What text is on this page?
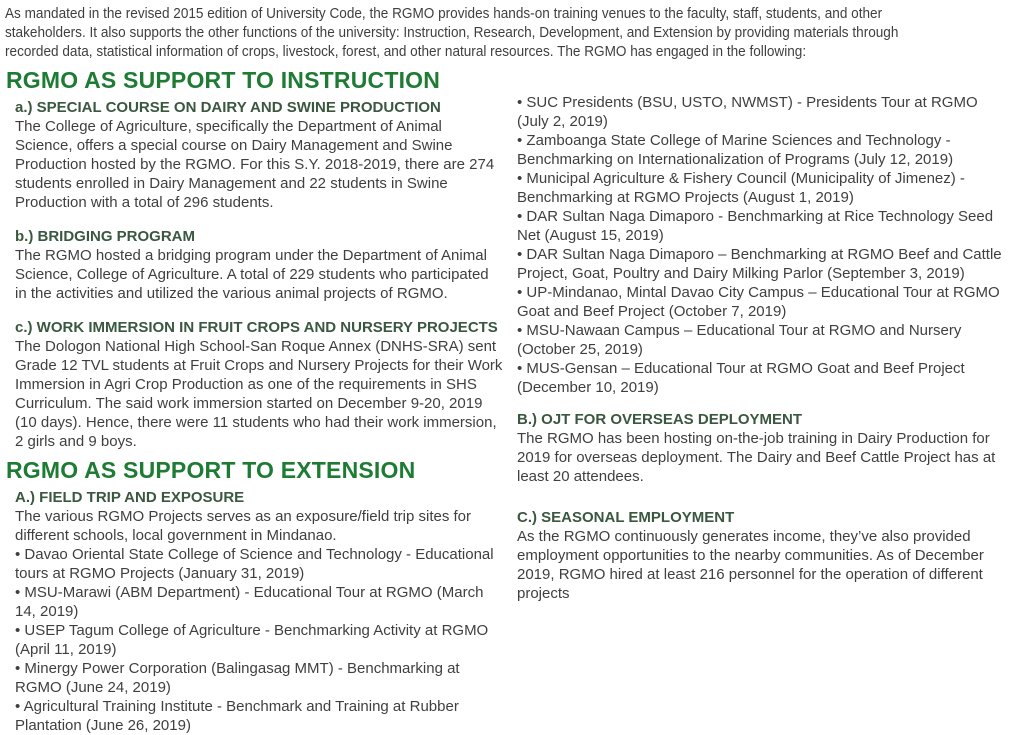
As mandated in the revised 2015 edition of University Code, the RGMO provides hands-on training venues to the faculty, staff, students, and other stakeholders. It also supports the other functions of the university: Instruction, Research, Development, and Extension by providing materials through recorded data, statistical information of crops, livestock, forest, and other natural resources. The RGMO has engaged in the following:

RGMO AS SUPPORT TO INSTRUCTION
a.) SPECIAL COURSE ON DAIRY AND SWINE PRODUCTION

The College of Agriculture, specifically the Department of Animal Science, offers a special course on Dairy Management and Swine Production hosted by the RGMO. For this S.Y. 2018-2019, there are 274 students enrolled in Dairy Management and 22 students in Swine Production with a total of 296 students.

b.) BRIDGING PROGRAM

The RGMO hosted a bridging program under the Department of Animal Science, College of Agriculture. A total of 229 students who participated in the activities and utilized the various animal projects of RGMO.

c.) WORK IMMERSION IN FRUIT CROPS AND NURSERY PROJECTS

The Dologon National High School-San Roque Annex (DNHS-SRA) sent Grade 12 TVL students at Fruit Crops and Nursery Projects for their Work Immersion in Agri Crop Production as one of the requirements in SHS Curriculum. The said work immersion started on December 9-20, 2019 (10 days). Hence, there were 11 students who had their work immersion, 2 girls and 9 boys.

RGMO AS SUPPORT TO EXTENSION
A.) FIELD TRIP AND EXPOSURE

The various RGMO Projects serves as an exposure/field trip sites for different schools, local government in Mindanao.

• Davao Oriental State College of Science and Technology - Educational tours at RGMO Projects (January 31, 2019)

• MSU-Marawi (ABM Department) - Educational Tour at RGMO (March 14, 2019)

• USEP Tagum College of Agriculture - Benchmarking Activity at RGMO (April 11, 2019)

• Minergy Power Corporation (Balingasag MMT) - Benchmarking at RGMO (June 24, 2019)

• Agricultural Training Institute - Benchmark and Training at Rubber Plantation (June 26, 2019)

• SUC Presidents (BSU, USTO, NWMST) - Presidents Tour at RGMO (July 2, 2019)

• Zamboanga State College of Marine Sciences and Technology - Benchmarking on Internationalization of Programs (July 12, 2019)

• Municipal Agriculture & Fishery Council (Municipality of Jimenez) - Benchmarking at RGMO Projects (August 1, 2019)

• DAR Sultan Naga Dimaporo - Benchmarking at Rice Technology Seed Net (August 15, 2019)

• DAR Sultan Naga Dimaporo – Benchmarking at RGMO Beef and Cattle Project, Goat, Poultry and Dairy Milking Parlor (September 3, 2019)

• UP-Mindanao, Mintal Davao City Campus – Educational Tour at RGMO Goat and Beef Project (October 7, 2019)

• MSU-Nawaan Campus – Educational Tour at RGMO and Nursery (October 25, 2019)

• MUS-Gensan – Educational Tour at RGMO Goat and Beef Project (December 10, 2019)

B.) OJT FOR OVERSEAS DEPLOYMENT

The RGMO has been hosting on-the-job training in Dairy Production for 2019 for overseas deployment. The Dairy and Beef Cattle Project has at least 20 attendees.

C.) SEASONAL EMPLOYMENT

As the RGMO continuously generates income, they’ve also provided employment opportunities to the nearby communities. As of December 2019, RGMO hired at least 216 personnel for the operation of different projects
